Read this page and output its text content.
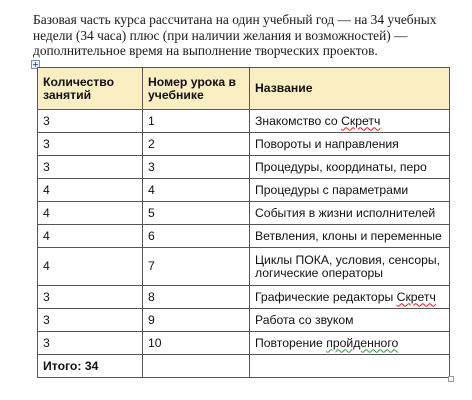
Базовая часть курса рассчитана на один учебный год — на 34 учебных недели (34 часа) плюс (при наличии желания и возможностей) — дополнительное время на выполнение творческих проектов.

Количество занятий	Номер урока в учебнике	Название
3	1	Знакомство со Скретч
3	2	Повороты и направления
3	3	Процедуры, координаты, перо
4	4	Процедуры с параметрами
4	5	События в жизни исполнителей
4	6	Ветвления, клоны и переменные
4	7	Циклы ПОКА, условия, сенсоры, логические операторы
3	8	Графические редакторы Скретч
3	9	Работа со звуком
3	10	Повторение пройденного
Итого: 34		
